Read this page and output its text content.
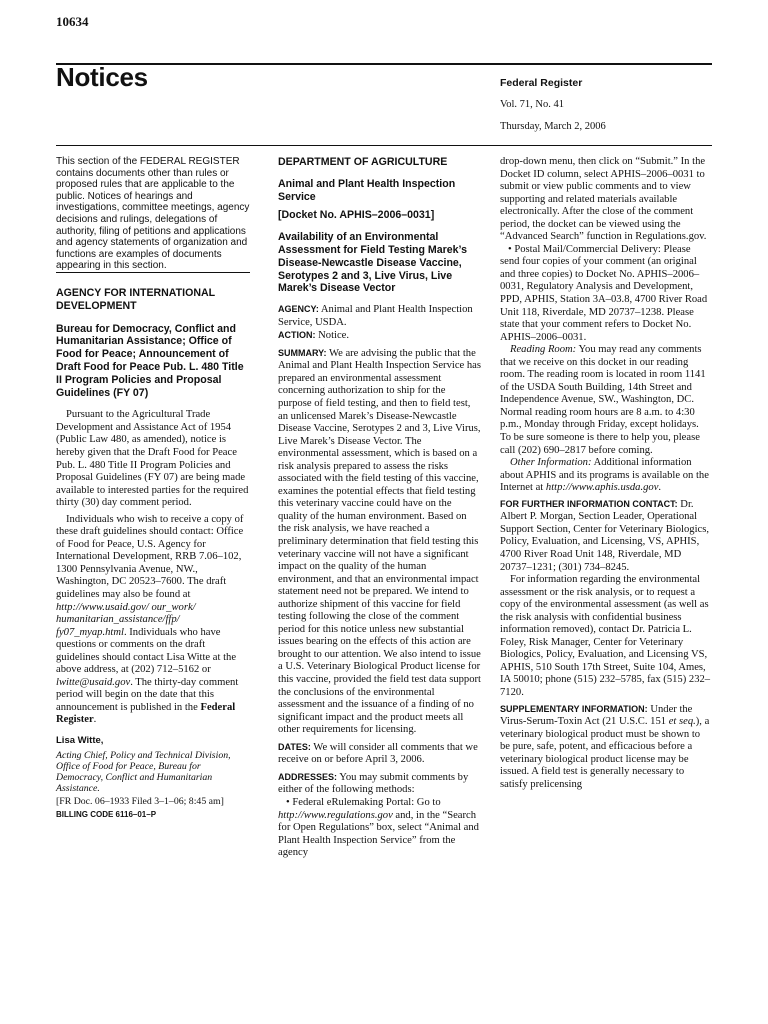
10634
Notices	Federal Register
Vol. 71, No. 41
Thursday, March 2, 2006

This section of the FEDERAL REGISTER contains documents other than rules or proposed rules that are applicable to the public. Notices of hearings and investigations, committee meetings, agency decisions and rulings, delegations of authority, filing of petitions and applications and agency statements of organization and functions are examples of documents appearing in this section.

AGENCY FOR INTERNATIONAL DEVELOPMENT

Bureau for Democracy, Conflict and Humanitarian Assistance; Office of Food for Peace; Announcement of Draft Food for Peace Pub. L. 480 Title II Program Policies and Proposal Guidelines (FY 07)

Pursuant to the Agricultural Trade Development and Assistance Act of 1954 (Public Law 480, as amended), notice is hereby given that the Draft Food for Peace Pub. L. 480 Title II Program Policies and Proposal Guidelines (FY 07) are being made available to interested parties for the required thirty (30) day comment period.

Individuals who wish to receive a copy of these draft guidelines should contact: Office of Food for Peace, U.S. Agency for International Development, RRB 7.06–102, 1300 Pennsylvania Avenue, NW., Washington, DC 20523–7600. The draft guidelines may also be found at http://www.usaid.gov/ our_work/ humanitarian_assistance/ffp/ fy07_myap.html. Individuals who have questions or comments on the draft guidelines should contact Lisa Witte at the above address, at (202) 712–5162 or lwitte@usaid.gov. The thirty-day comment period will begin on the date that this announcement is published in the Federal Register.

Lisa Witte,

Acting Chief, Policy and Technical Division, Office of Food for Peace, Bureau for Democracy, Conflict and Humanitarian Assistance.

[FR Doc. 06–1933 Filed 3–1–06; 8:45 am]

BILLING CODE 6116–01–P

DEPARTMENT OF AGRICULTURE

Animal and Plant Health Inspection Service

[Docket No. APHIS–2006–0031]

Availability of an Environmental Assessment for Field Testing Marek’s Disease-Newcastle Disease Vaccine, Serotypes 2 and 3, Live Virus, Live Marek’s Disease Vector

AGENCY: Animal and Plant Health Inspection Service, USDA.

ACTION: Notice.

SUMMARY: We are advising the public that the Animal and Plant Health Inspection Service has prepared an environmental assessment concerning authorization to ship for the purpose of field testing, and then to field test, an unlicensed Marek’s Disease-Newcastle Disease Vaccine, Serotypes 2 and 3, Live Virus, Live Marek’s Disease Vector. The environmental assessment, which is based on a risk analysis prepared to assess the risks associated with the field testing of this vaccine, examines the potential effects that field testing this veterinary vaccine could have on the quality of the human environment. Based on the risk analysis, we have reached a preliminary determination that field testing this veterinary vaccine will not have a significant impact on the quality of the human environment, and that an environmental impact statement need not be prepared. We intend to authorize shipment of this vaccine for field testing following the close of the comment period for this notice unless new substantial issues bearing on the effects of this action are brought to our attention. We also intend to issue a U.S. Veterinary Biological Product license for this vaccine, provided the field test data support the conclusions of the environmental assessment and the issuance of a finding of no significant impact and the product meets all other requirements for licensing.

DATES: We will consider all comments that we receive on or before April 3, 2006.

ADDRESSES: You may submit comments by either of the following methods:

• Federal eRulemaking Portal: Go to http://www.regulations.gov and, in the “Search for Open Regulations” box, select “Animal and Plant Health Inspection Service” from the agency

drop-down menu, then click on “Submit.” In the Docket ID column, select APHIS–2006–0031 to submit or view public comments and to view supporting and related materials available electronically. After the close of the comment period, the docket can be viewed using the “Advanced Search” function in Regulations.gov.

• Postal Mail/Commercial Delivery: Please send four copies of your comment (an original and three copies) to Docket No. APHIS–2006–0031, Regulatory Analysis and Development, PPD, APHIS, Station 3A–03.8, 4700 River Road Unit 118, Riverdale, MD 20737–1238. Please state that your comment refers to Docket No. APHIS–2006–0031.

Reading Room: You may read any comments that we receive on this docket in our reading room. The reading room is located in room 1141 of the USDA South Building, 14th Street and Independence Avenue, SW., Washington, DC. Normal reading room hours are 8 a.m. to 4:30 p.m., Monday through Friday, except holidays. To be sure someone is there to help you, please call (202) 690–2817 before coming.

Other Information: Additional information about APHIS and its programs is available on the Internet at http://www.aphis.usda.gov.

FOR FURTHER INFORMATION CONTACT: Dr. Albert P. Morgan, Section Leader, Operational Support Section, Center for Veterinary Biologics, Policy, Evaluation, and Licensing, VS, APHIS, 4700 River Road Unit 148, Riverdale, MD 20737–1231; (301) 734–8245.

For information regarding the environmental assessment or the risk analysis, or to request a copy of the environmental assessment (as well as the risk analysis with confidential business information removed), contact Dr. Patricia L. Foley, Risk Manager, Center for Veterinary Biologics, Policy, Evaluation, and Licensing VS, APHIS, 510 South 17th Street, Suite 104, Ames, IA 50010; phone (515) 232–5785, fax (515) 232–7120.

SUPPLEMENTARY INFORMATION: Under the Virus-Serum-Toxin Act (21 U.S.C. 151 et seq.), a veterinary biological product must be shown to be pure, safe, potent, and efficacious before a veterinary biological product license may be issued. A field test is generally necessary to satisfy prelicensing
